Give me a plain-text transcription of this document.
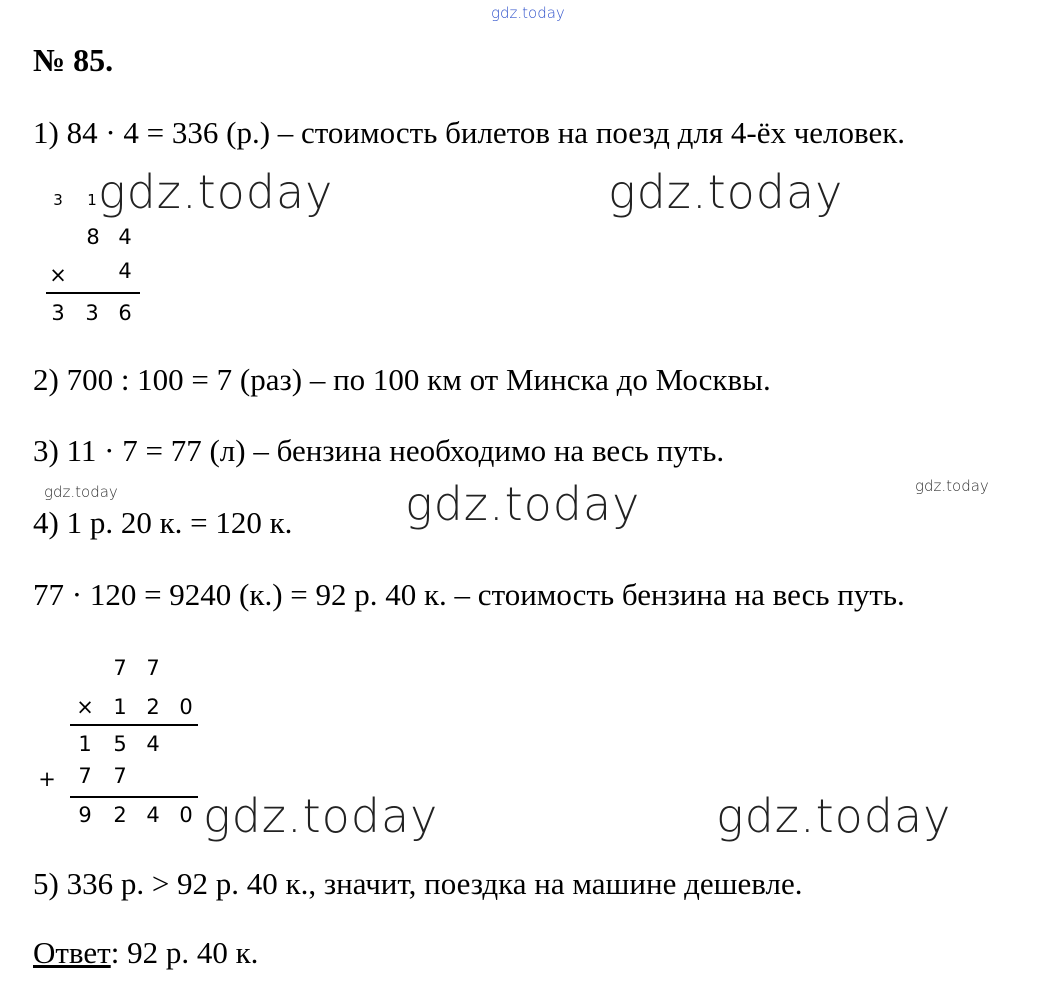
gdz.today
gdz.today	gdz.today
gdz.today	gdz.today	gdz.today
gdz.today	gdz.today
№ 85.
1) 84 · 4 = 336 (р.) – стоимость билетов на поезд для 4-ёх человек.
3	1
8 4
× 4
3 3 6
2) 700 : 100 = 7 (раз) – по 100 км от Минска до Москвы.
3) 11 · 7 = 77 (л) – бензина необходимо на весь путь.
4) 1 р. 20 к. = 120 к.
77 · 120 = 9240 (к.) = 92 р. 40 к. – стоимость бензина на весь путь.
7 7
× 1 2 0
1 5 4
+ 7 7
9 2 4 0
5) 336 р. > 92 р. 40 к., значит, поездка на машине дешевле.
Ответ: 92 р. 40 к.
